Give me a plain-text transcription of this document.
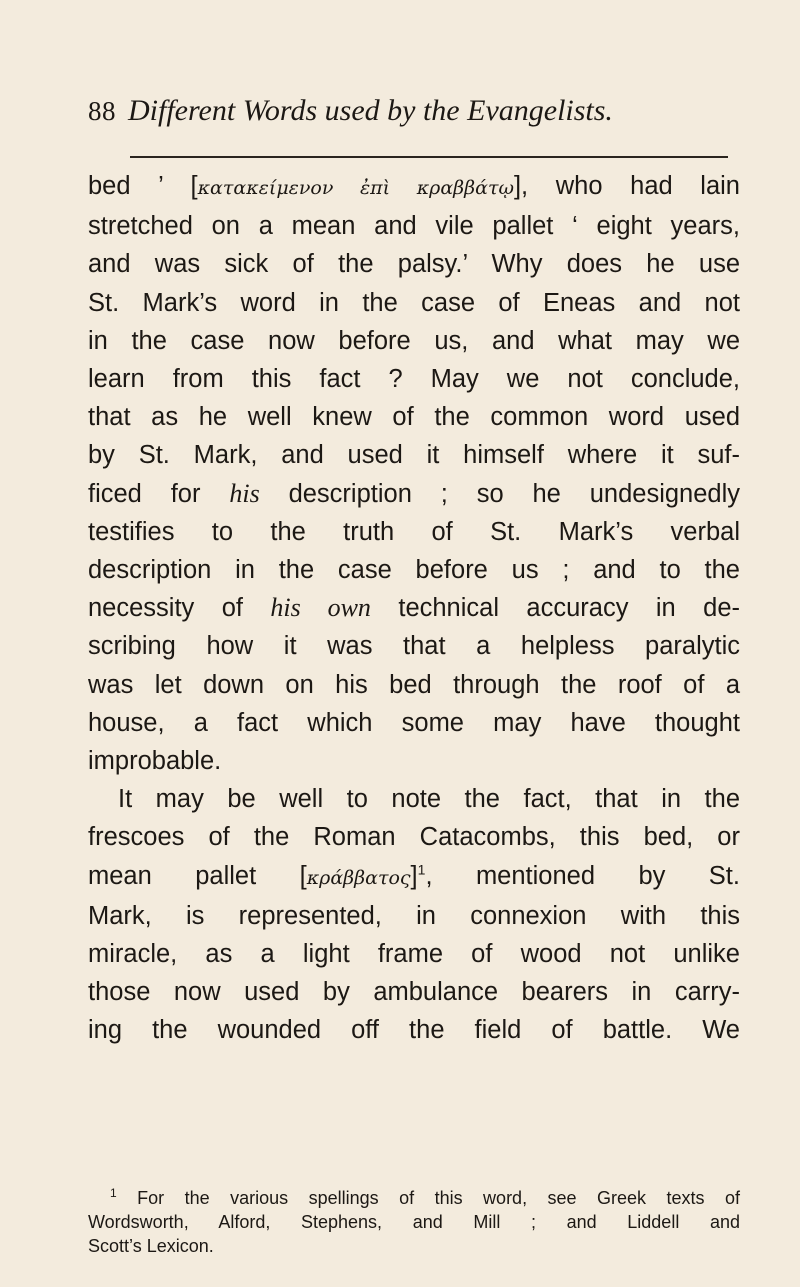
88 Different Words used by the Evangelists.
bed ’ [κατακείμενον ἐπὶ κραββάτῳ], who had lain
stretched on a mean and vile pallet ‘ eight years,
and was sick of the palsy.’ Why does he use
St. Mark’s word in the case of Eneas and not
in the case now before us, and what may we
learn from this fact ? May we not conclude,
that as he well knew of the common word used
by St. Mark, and used it himself where it suf-
ficed for his description ; so he undesignedly
testifies to the truth of St. Mark’s verbal
description in the case before us ; and to the
necessity of his own technical accuracy in de-
scribing how it was that a helpless paralytic
was let down on his bed through the roof of a
house, a fact which some may have thought
improbable.
It may be well to note the fact, that in the
frescoes of the Roman Catacombs, this bed, or
mean pallet $[\kappa\rho ά\beta\beta\alpha\tau o\varsigma]^1$, mentioned by St.
Mark, is represented, in connexion with this
miracle, as a light frame of wood not unlike
those now used by ambulance bearers in carry-
ing the wounded off the field of battle. We
$^1$ For the various spellings of this word, see Greek texts of
Wordsworth, Alford, Stephens, and Mill ; and Liddell and
Scott’s Lexicon.
